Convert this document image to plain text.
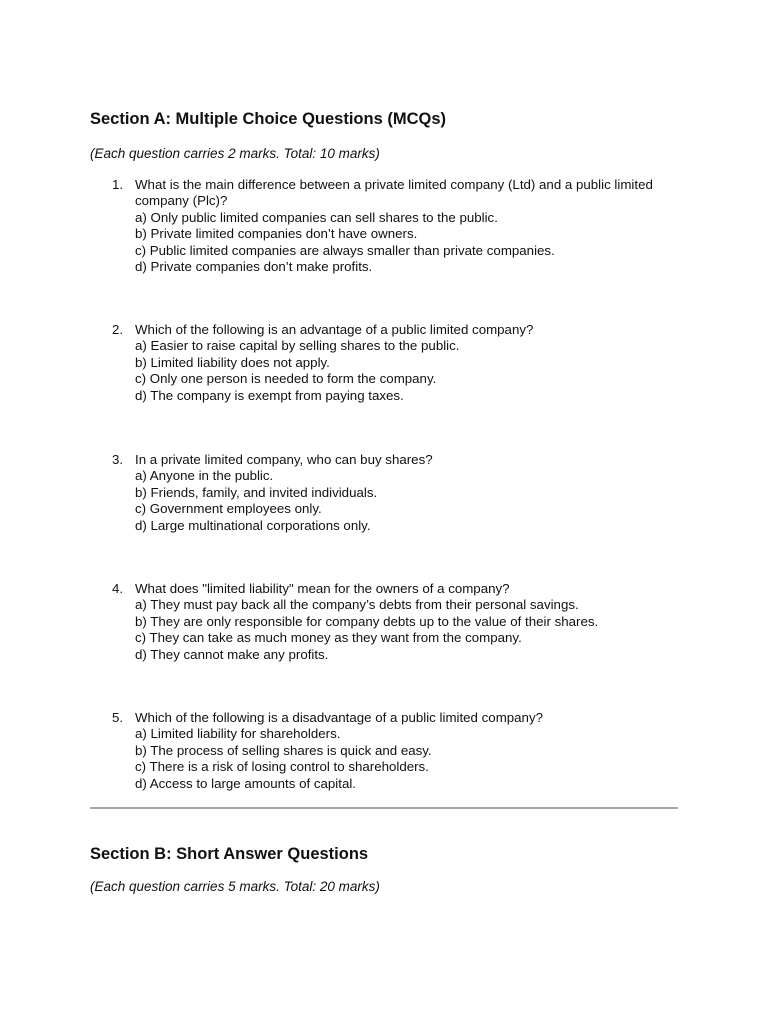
Section A: Multiple Choice Questions (MCQs)
(Each question carries 2 marks. Total: 10 marks)
1. What is the main difference between a private limited company (Ltd) and a public limited company (Plc)?
a) Only public limited companies can sell shares to the public.
b) Private limited companies don’t have owners.
c) Public limited companies are always smaller than private companies.
d) Private companies don’t make profits.
2. Which of the following is an advantage of a public limited company?
a) Easier to raise capital by selling shares to the public.
b) Limited liability does not apply.
c) Only one person is needed to form the company.
d) The company is exempt from paying taxes.
3. In a private limited company, who can buy shares?
a) Anyone in the public.
b) Friends, family, and invited individuals.
c) Government employees only.
d) Large multinational corporations only.
4. What does "limited liability" mean for the owners of a company?
a) They must pay back all the company’s debts from their personal savings.
b) They are only responsible for company debts up to the value of their shares.
c) They can take as much money as they want from the company.
d) They cannot make any profits.
5. Which of the following is a disadvantage of a public limited company?
a) Limited liability for shareholders.
b) The process of selling shares is quick and easy.
c) There is a risk of losing control to shareholders.
d) Access to large amounts of capital.
Section B: Short Answer Questions
(Each question carries 5 marks. Total: 20 marks)
